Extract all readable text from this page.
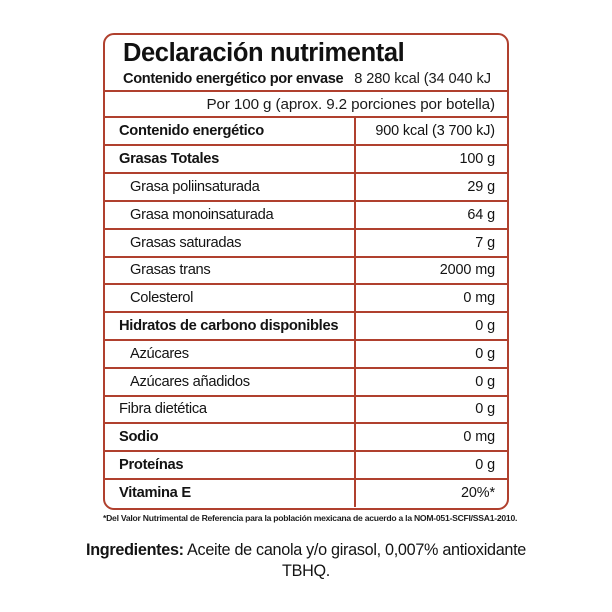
Declaración nutrimental
Contenido energético por envase 8 280 kcal (34 040 kJ
Por 100 g (aprox. 9.2 porciones por botella)
Contenido energético	900 kcal (3 700 kJ)
Grasas Totales	100 g
Grasa poliinsaturada	29 g
Grasa monoinsaturada	64 g
Grasas saturadas	7 g
Grasas trans	2000 mg
Colesterol	0 mg
Hidratos de carbono disponibles	0 g
Azúcares	0 g
Azúcares añadidos	0 g
Fibra dietética	0 g
Sodio	0 mg
Proteínas	0 g
Vitamina E	20%*
*Del Valor Nutrimental de Referencia para la población mexicana de acuerdo a la NOM-051-SCFI/SSA1-2010.
Ingredientes: Aceite de canola y/o girasol, 0,007% antioxidante TBHQ.
